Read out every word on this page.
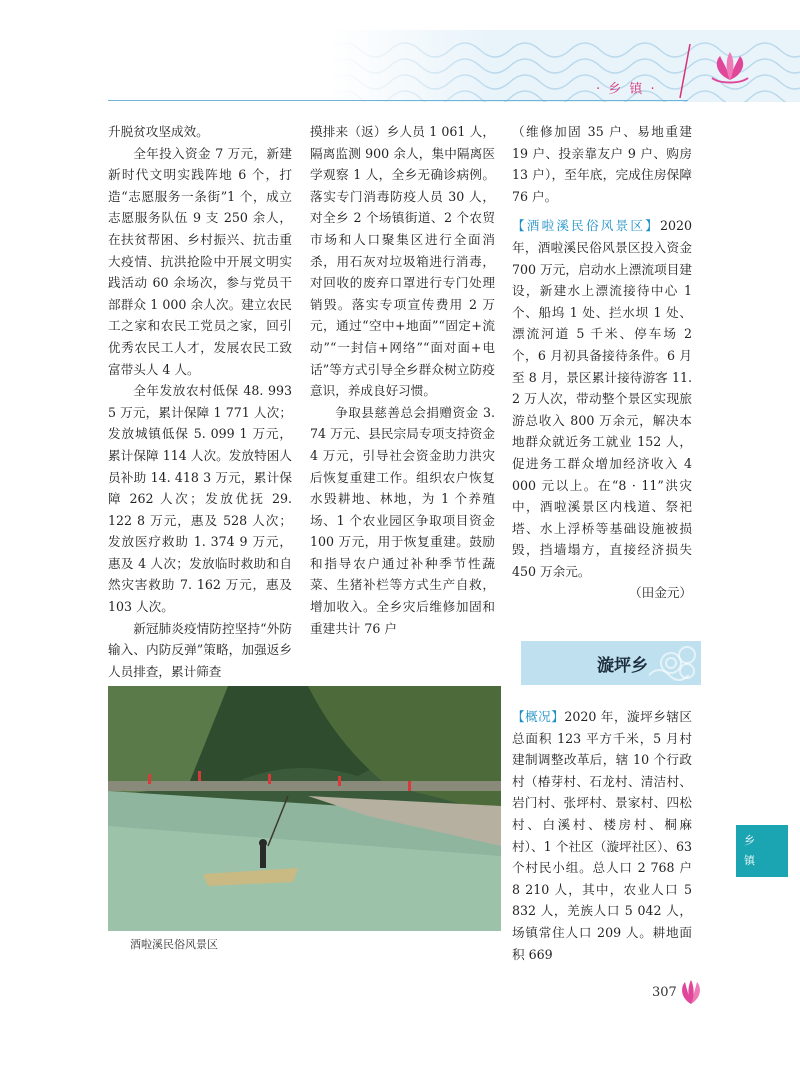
· 乡 镇 ·

升脱贫攻坚成效。

全年投入资金 7 万元，新建新时代文明实践阵地 6 个，打造“志愿服务一条街”1 个，成立志愿服务队伍 9 支 250 余人，在扶贫帮困、乡村振兴、抗击重大疫情、抗洪抢险中开展文明实践活动 60 余场次，参与党员干部群众 1 000 余人次。建立农民工之家和农民工党员之家，回引优秀农民工人才，发展农民工致富带头人 4 人。

全年发放农村低保 48. 993 5 万元，累计保障 1 771 人次；发放城镇低保 5. 099 1 万元，累计保障 114 人次。发放特困人员补助 14. 418 3 万元，累计保障 262 人次；发放优抚 29. 122 8 万元，惠及 528 人次；发放医疗救助 1. 374 9 万元，惠及 4 人次；发放临时救助和自然灾害救助 7. 162 万元，惠及 103 人次。

新冠肺炎疫情防控坚持“外防输入、内防反弹”策略，加强返乡人员排查，累计筛查

摸排来（返）乡人员 1 061 人，隔离监测 900 余人，集中隔离医学观察 1 人，全乡无确诊病例。落实专门消毒防疫人员 30 人，对全乡 2 个场镇街道、2 个农贸市场和人口聚集区进行全面消杀，用石灰对垃圾箱进行消毒，对回收的废弃口罩进行专门处理销毁。落实专项宣传费用 2 万元，通过“空中+地面”“固定+流动”“一封信+网络”“面对面+电话”等方式引导全乡群众树立防疫意识，养成良好习惯。

争取县慈善总会捐赠资金 3. 74 万元、县民宗局专项支持资金 4 万元，引导社会资金助力洪灾后恢复重建工作。组织农户恢复水毁耕地、林地，为 1 个养殖场、1 个农业园区争取项目资金 100 万元，用于恢复重建。鼓励和指导农户通过补种季节性蔬菜、生猪补栏等方式生产自救，增加收入。全乡灾后维修加固和重建共计 76 户

（维修加固 35 户、易地重建 19 户、投亲靠友户 9 户、购房 13 户），至年底，完成住房保障 76 户。

【酒啦溪民俗风景区】2020 年，酒啦溪民俗风景区投入资金 700 万元，启动水上漂流项目建设，新建水上漂流接待中心 1 个、船坞 1 处、拦水坝 1 处、漂流河道 5 千米、停车场 2 个，6 月初具备接待条件。6 月至 8 月，景区累计接待游客 11. 2 万人次，带动整个景区实现旅游总收入 800 万余元，解决本地群众就近务工就业 152 人，促进务工群众增加经济收入 4 000 元以上。在“8 · 11”洪灾中，酒啦溪景区内栈道、祭祀塔、水上浮桥等基础设施被损毁，挡墙塌方，直接经济损失 450 万余元。

（田金元）

漩坪乡

【概况】2020 年，漩坪乡辖区总面积 123 平方千米，5 月村建制调整改革后，辖 10 个行政村（椿芽村、石龙村、清洁村、岩门村、张坪村、景家村、四松村、白溪村、楼房村、桐麻村）、1 个社区（漩坪社区）、63 个村民小组。总人口 2 768 户 8 210 人，其中，农业人口 5 832 人，羌族人口 5 042 人，场镇常住人口 209 人。耕地面积 669

酒啦溪民俗风景区
乡
镇
307
